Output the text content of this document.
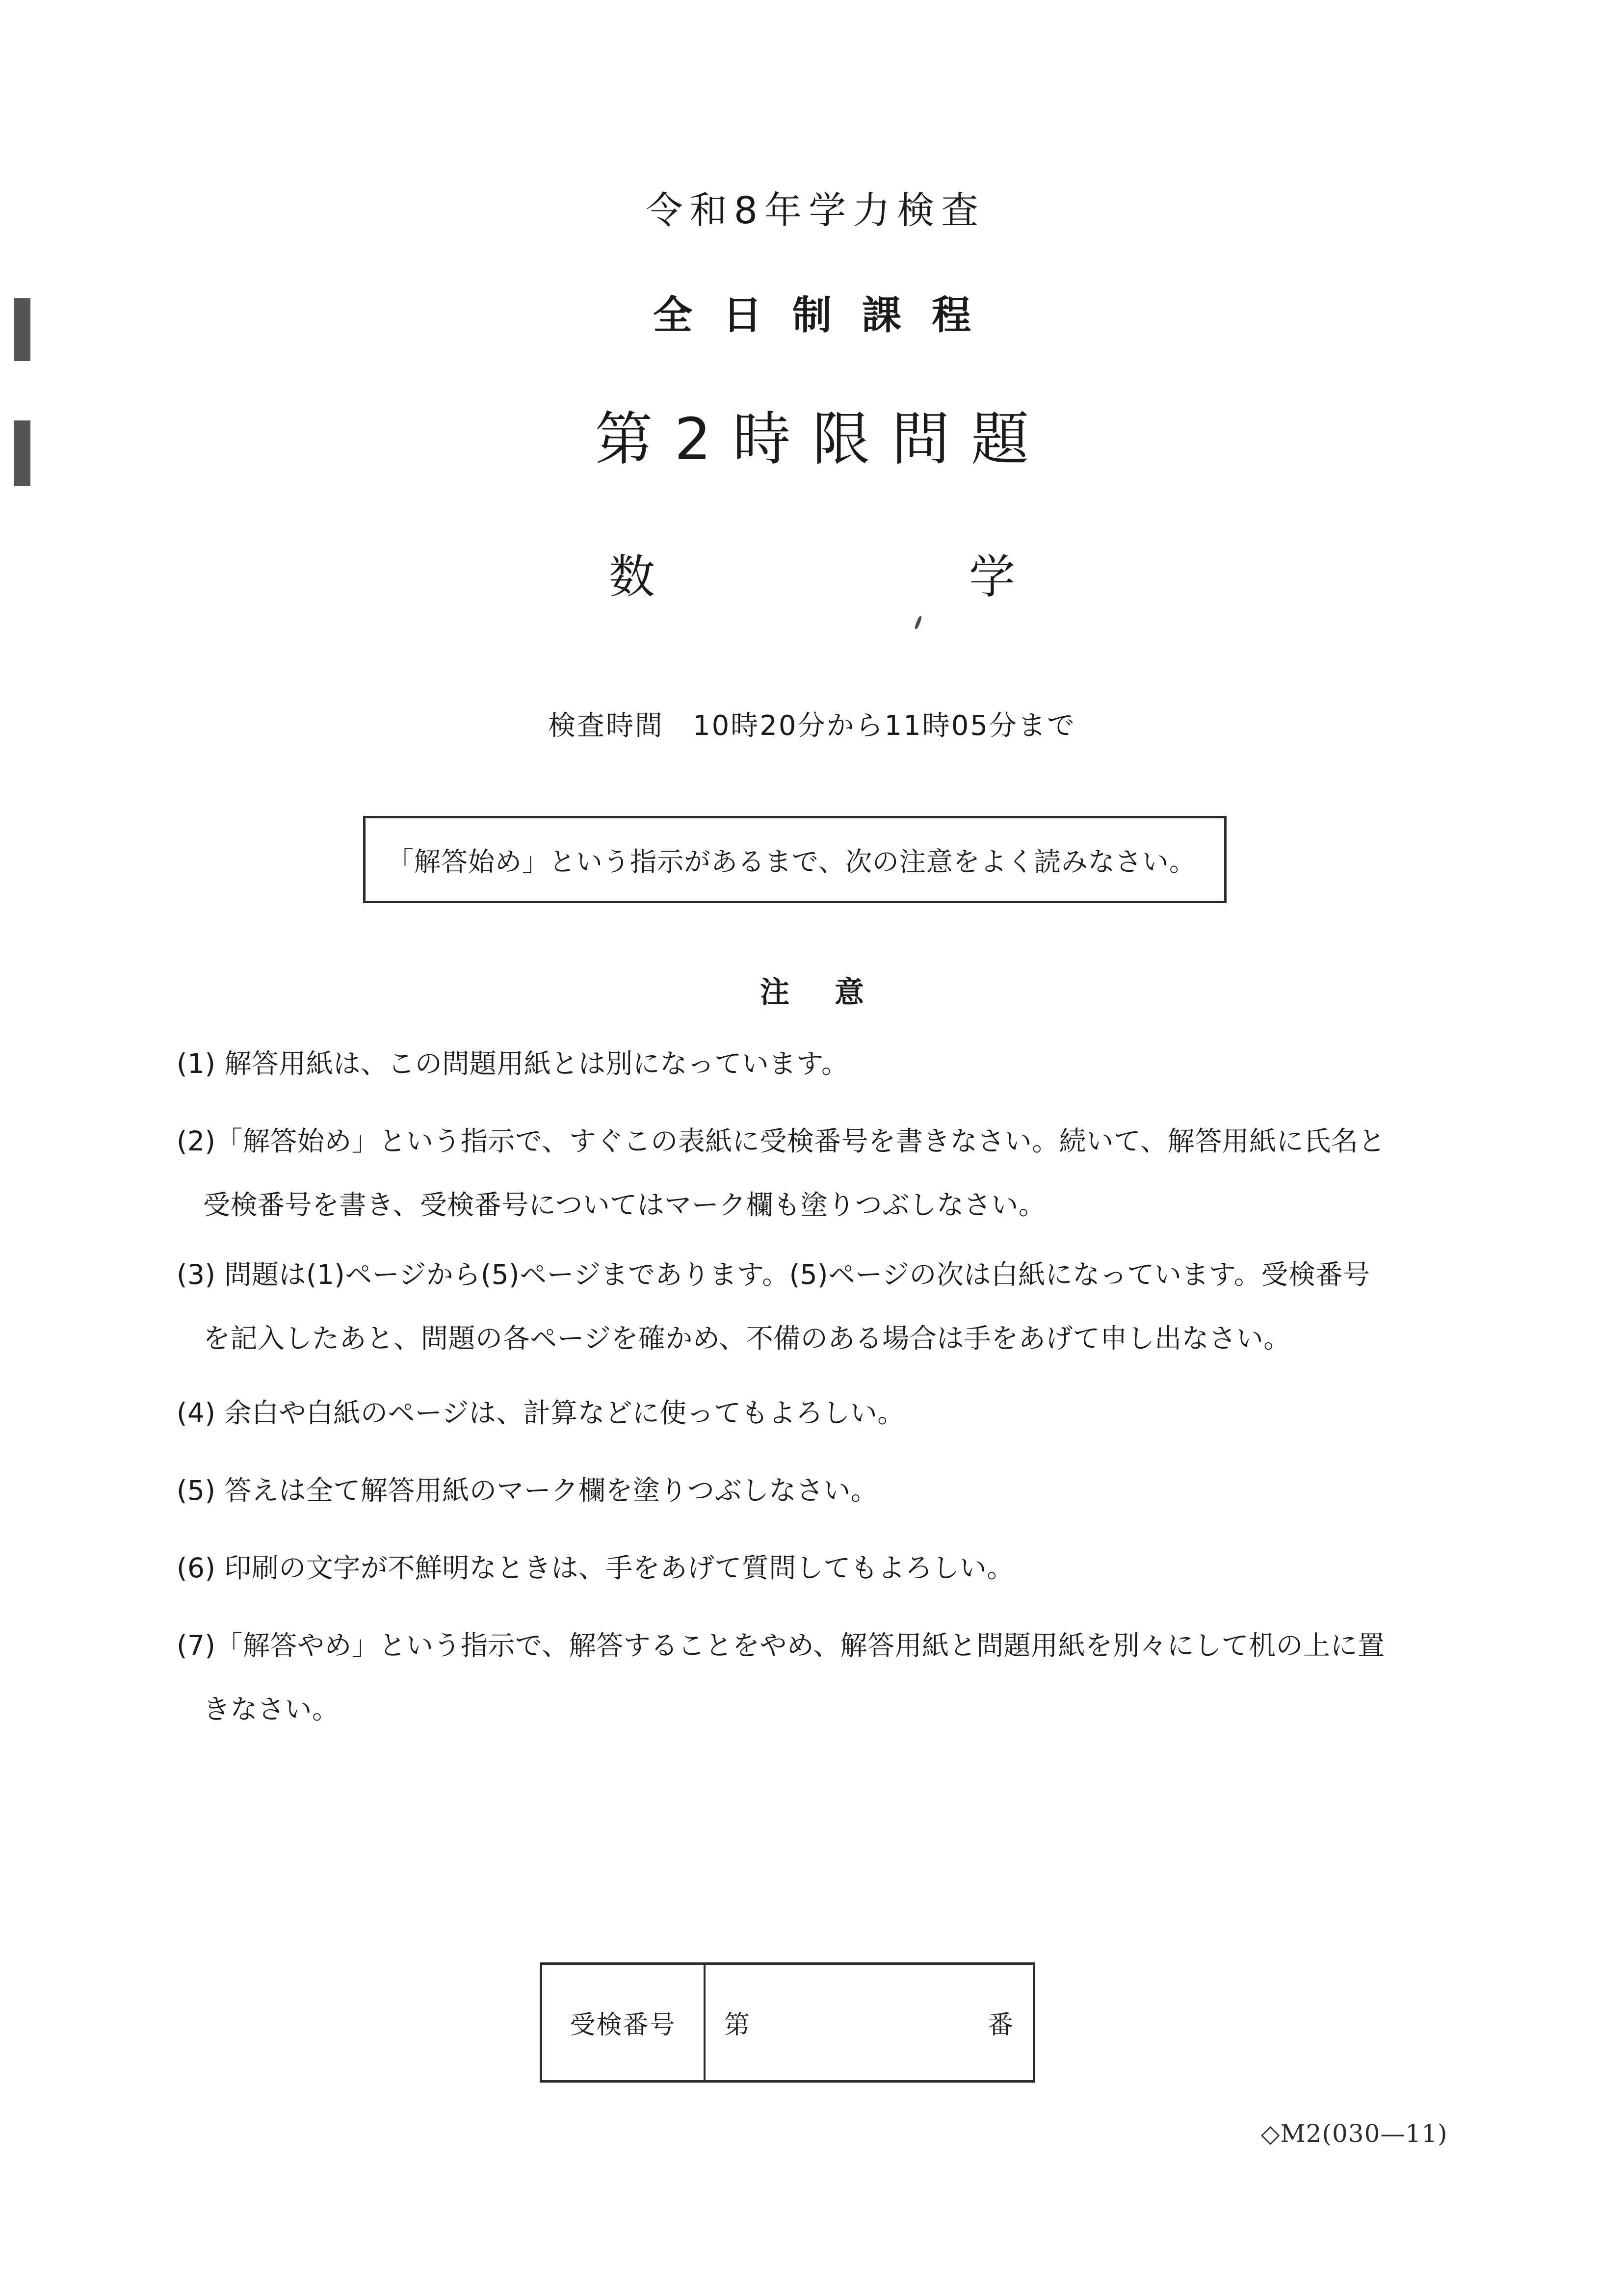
令和8年学力検査
全日制課程
第2時限問題
数学
検査時間　10時20分から11時05分まで
「解答始め」という指示があるまで、次の注意をよく読みなさい。
注意
(1) 解答用紙は、この問題用紙とは別になっています。
(2)「解答始め」という指示で、すぐこの表紙に受検番号を書きなさい。続いて、解答用紙に氏名と
受検番号を書き、受検番号についてはマーク欄も塗りつぶしなさい。
(3) 問題は(1)ページから(5)ページまであります。(5)ページの次は白紙になっています。受検番号
を記入したあと、問題の各ページを確かめ、不備のある場合は手をあげて申し出なさい。
(4) 余白や白紙のページは、計算などに使ってもよろしい。
(5) 答えは全て解答用紙のマーク欄を塗りつぶしなさい。
(6) 印刷の文字が不鮮明なときは、手をあげて質問してもよろしい。
(7)「解答やめ」という指示で、解答することをやめ、解答用紙と問題用紙を別々にして机の上に置
きなさい。
受検番号 第	番
◇M2(030—11)
